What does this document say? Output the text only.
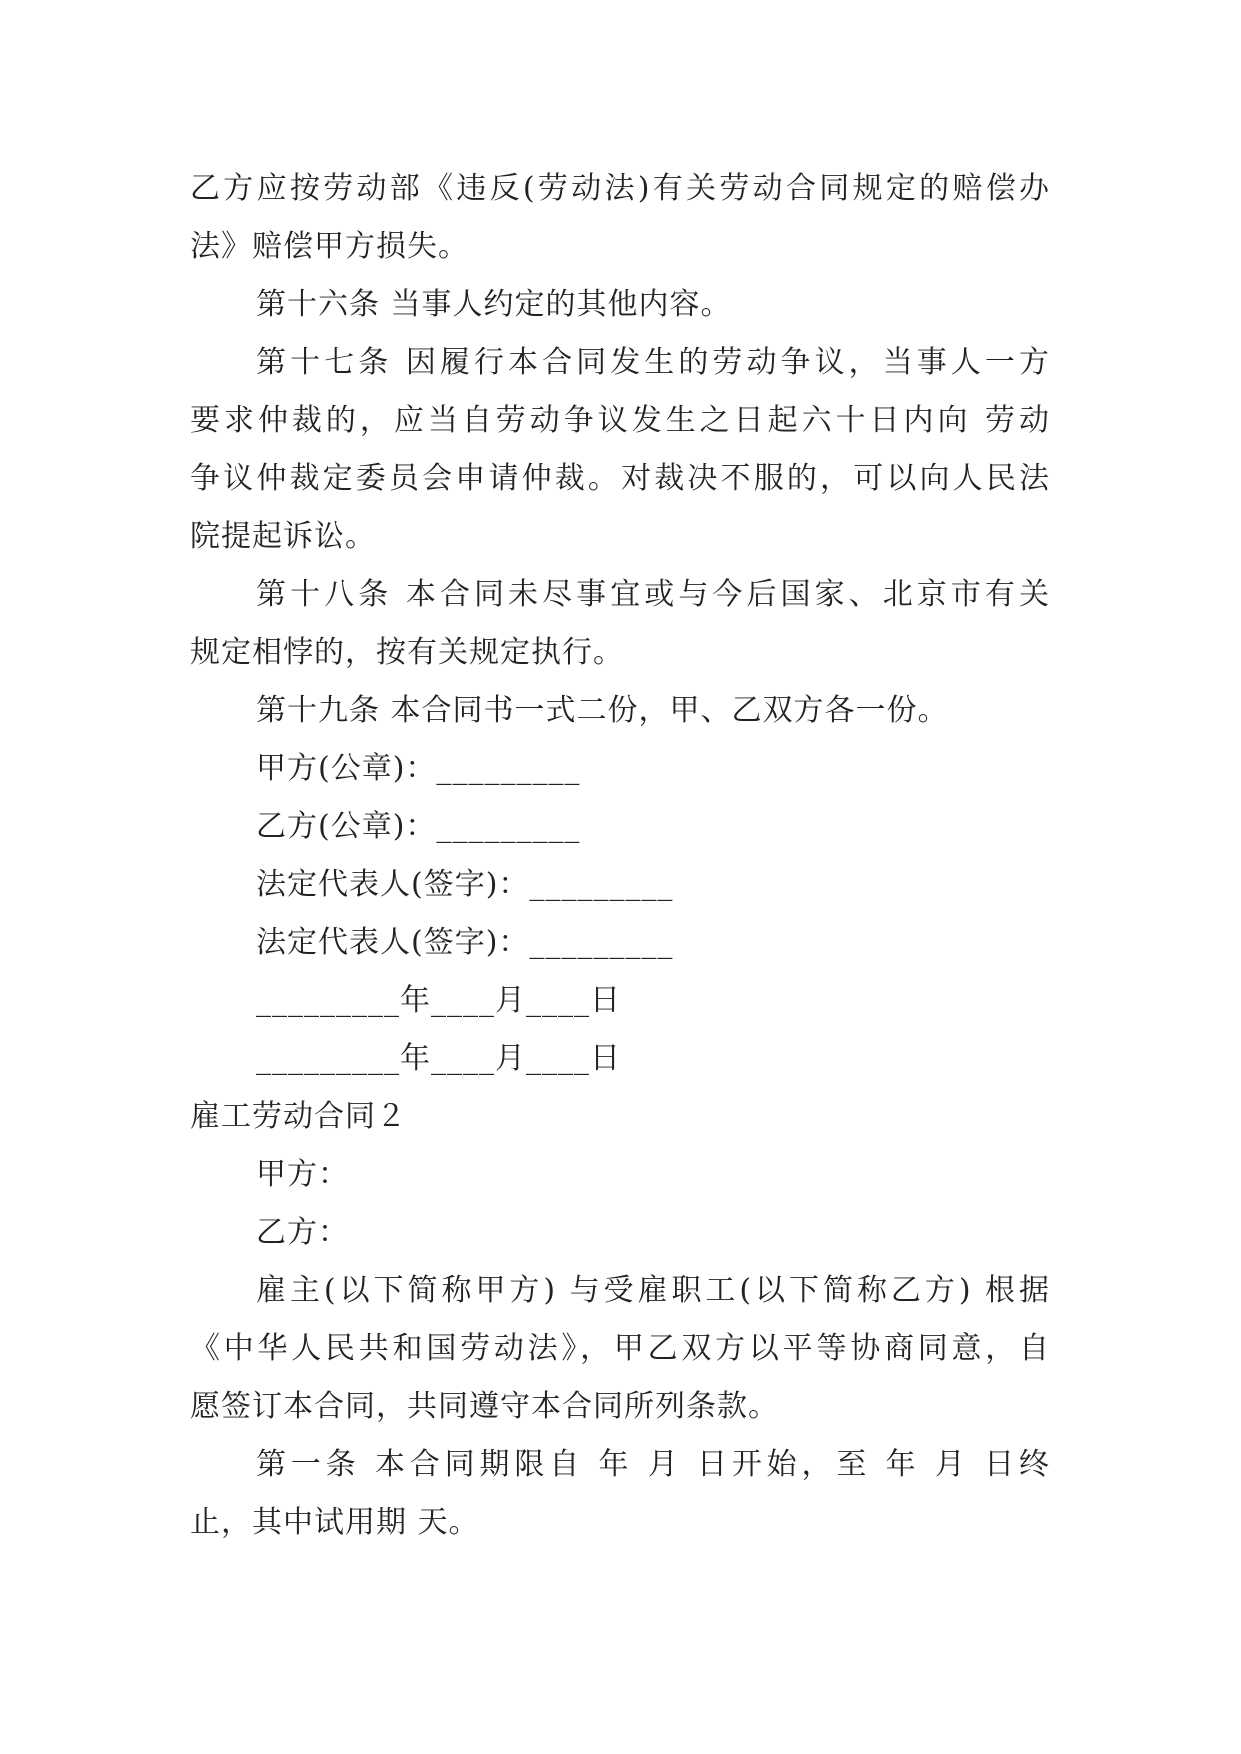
乙方应按劳动部《违反(劳动法)有关劳动合同规定的赔偿办
法》赔偿甲方损失。
第十六条 当事人约定的其他内容。
第十七条 因履行本合同发生的劳动争议，当事人一方
要求仲裁的，应当自劳动争议发生之日起六十日内向 劳动
争议仲裁定委员会申请仲裁。对裁决不服的，可以向人民法
院提起诉讼。
第十八条 本合同未尽事宜或与今后国家、北京市有关
规定相悖的，按有关规定执行。
第十九条 本合同书一式二份，甲、乙双方各一份。
甲方(公章)：_________
乙方(公章)：_________
法定代表人(签字)：_________
法定代表人(签字)：_________
_________年____月____日
_________年____月____日
雇工劳动合同２
甲方：
乙方：
雇主(以下简称甲方) 与受雇职工(以下简称乙方) 根据
《中华人民共和国劳动法》，甲乙双方以平等协商同意，自
愿签订本合同，共同遵守本合同所列条款。
第一条 本合同期限自 年 月 日开始，至 年 月 日终
止，其中试用期 天。
